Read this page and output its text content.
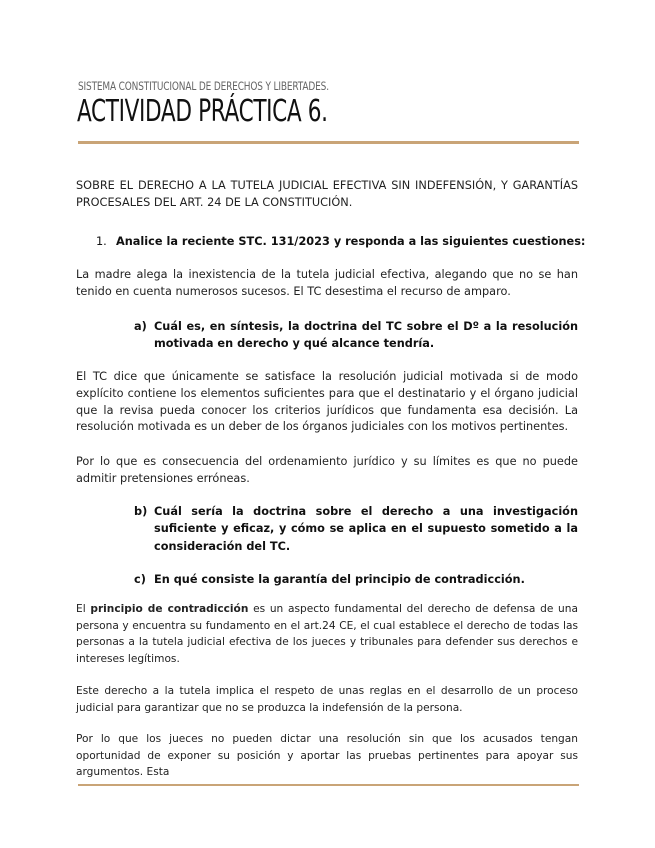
SISTEMA CONSTITUCIONAL DE DERECHOS Y LIBERTADES.
ACTIVIDAD PRÁCTICA 6.

SOBRE EL DERECHO A LA TUTELA JUDICIAL EFECTIVA SIN INDEFENSIÓN, Y GARANTÍAS PROCESALES DEL ART. 24 DE LA CONSTITUCIÓN.

1. Analice la reciente STC. 131/2023 y responda a las siguientes cuestiones:

La madre alega la inexistencia de la tutela judicial efectiva, alegando que no se han tenido en cuenta numerosos sucesos. El TC desestima el recurso de amparo.

a) Cuál es, en síntesis, la doctrina del TC sobre el Dº a la resolución motivada en derecho y qué alcance tendría.

El TC dice que únicamente se satisface la resolución judicial motivada si de modo explícito contiene los elementos suficientes para que el destinatario y el órgano judicial que la revisa pueda conocer los criterios jurídicos que fundamenta esa decisión. La resolución motivada es un deber de los órganos judiciales con los motivos pertinentes.

Por lo que es consecuencia del ordenamiento jurídico y su límites es que no puede admitir pretensiones erróneas.

b) Cuál sería la doctrina sobre el derecho a una investigación suficiente y eficaz, y cómo se aplica en el supuesto sometido a la consideración del TC.

c) En qué consiste la garantía del principio de contradicción.

El principio de contradicción es un aspecto fundamental del derecho de defensa de una persona y encuentra su fundamento en el art.24 CE, el cual establece el derecho de todas las personas a la tutela judicial efectiva de los jueces y tribunales para defender sus derechos e intereses legítimos.

Este derecho a la tutela implica el respeto de unas reglas en el desarrollo de un proceso judicial para garantizar que no se produzca la indefensión de la persona.

Por lo que los jueces no pueden dictar una resolución sin que los acusados tengan oportunidad de exponer su posición y aportar las pruebas pertinentes para apoyar sus argumentos. Esta
